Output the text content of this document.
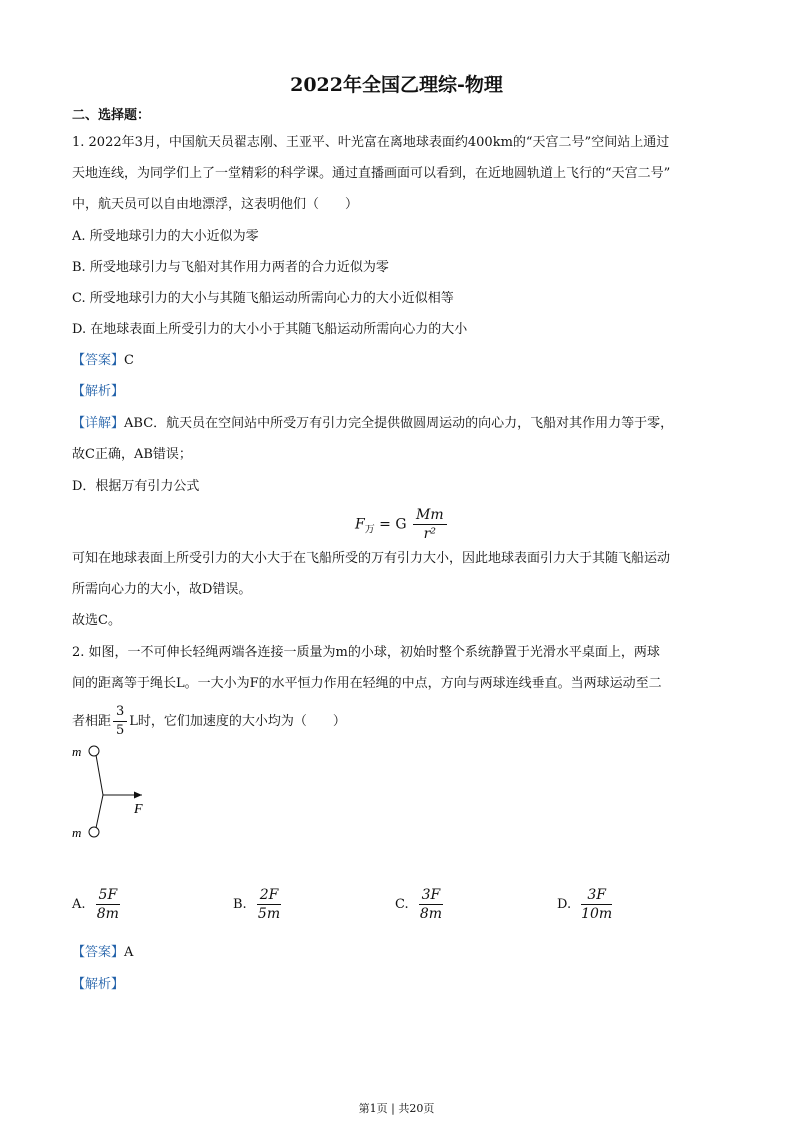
2022年全国乙理综-物理
二、选择题：
1. 2022年3月，中国航天员翟志刚、王亚平、叶光富在离地球表面约400km的“天宫二号”空间站上通过
天地连线，为同学们上了一堂精彩的科学课。通过直播画面可以看到，在近地圆轨道上飞行的“天宫二号”
中，航天员可以自由地漂浮，这表明他们（　　）
A. 所受地球引力的大小近似为零
B. 所受地球引力与飞船对其作用力两者的合力近似为零
C. 所受地球引力的大小与其随飞船运动所需向心力的大小近似相等
D. 在地球表面上所受引力的大小小于其随飞船运动所需向心力的大小
【答案】C
【解析】
【详解】ABC．航天员在空间站中所受万有引力完全提供做圆周运动的向心力，飞船对其作用力等于零，
故C正确，AB错误；
D．根据万有引力公式
$F_万 = G \frac{Mm}{\text{r²}}$
可知在地球表面上所受引力的大小大于在飞船所受的万有引力大小，因此地球表面引力大于其随飞船运动
所需向心力的大小，故D错误。
故选C。
2. 如图，一不可伸长轻绳两端各连接一质量为m的小球，初始时整个系统静置于光滑水平桌面上，两球
间的距离等于绳长L。一大小为F的水平恒力作用在轻绳的中点，方向与两球连线垂直。当两球运动至二
者相距 $\frac{3}{5}$ L时，它们加速度的大小均为（　　）
m
m
F
A. $\frac{5F}{8m}$	B. $\frac{2F}{5m}$	C. $\frac{3F}{8m}$	D. $\frac{3F}{10m}$
【答案】A
【解析】
第1页 | 共20页
